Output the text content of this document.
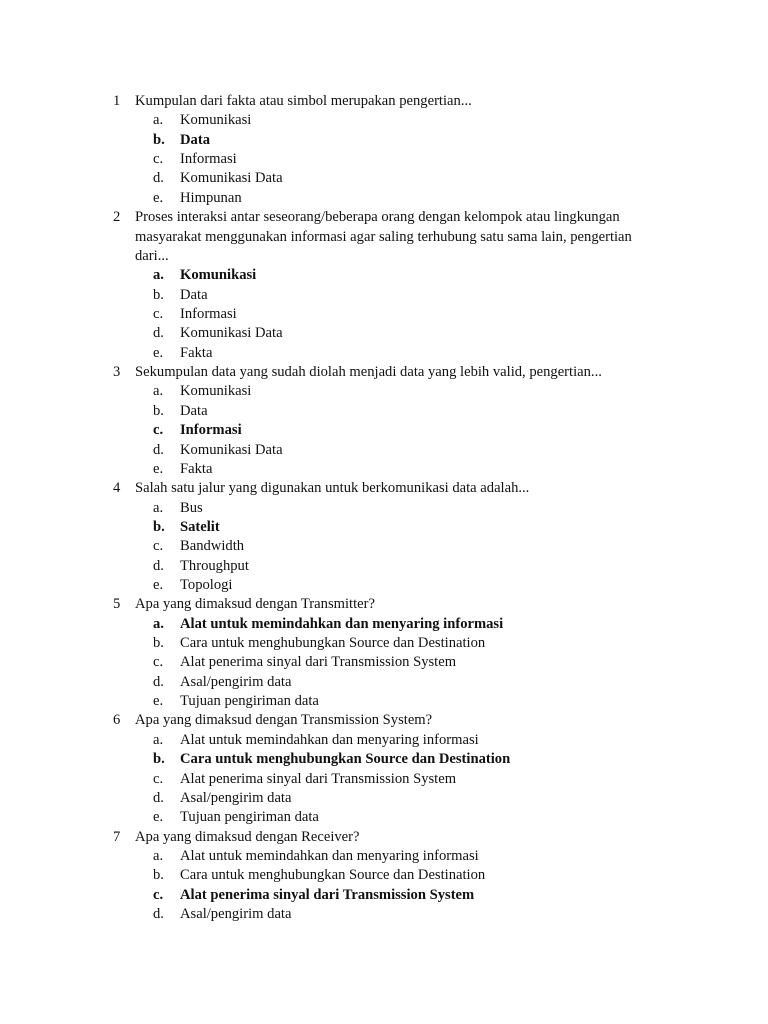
1	Kumpulan dari fakta atau simbol merupakan pengertian...
a.	Komunikasi
b.	Data
c.	Informasi
d.	Komunikasi Data
e.	Himpunan
2	Proses interaksi antar seseorang/beberapa orang dengan kelompok atau lingkungan masyarakat menggunakan informasi agar saling terhubung satu sama lain, pengertian dari...
a.	Komunikasi
b.	Data
c.	Informasi
d.	Komunikasi Data
e.	Fakta
3	Sekumpulan data yang sudah diolah menjadi data yang lebih valid, pengertian...
a.	Komunikasi
b.	Data
c.	Informasi
d.	Komunikasi Data
e.	Fakta
4	Salah satu jalur yang digunakan untuk berkomunikasi data adalah...
a.	Bus
b.	Satelit
c.	Bandwidth
d.	Throughput
e.	Topologi
5	Apa yang dimaksud dengan Transmitter?
a.	Alat untuk memindahkan dan menyaring informasi
b.	Cara untuk menghubungkan Source dan Destination
c.	Alat penerima sinyal dari Transmission System
d.	Asal/pengirim data
e.	Tujuan pengiriman data
6	Apa yang dimaksud dengan Transmission System?
a.	Alat untuk memindahkan dan menyaring informasi
b.	Cara untuk menghubungkan Source dan Destination
c.	Alat penerima sinyal dari Transmission System
d.	Asal/pengirim data
e.	Tujuan pengiriman data
7	Apa yang dimaksud dengan Receiver?
a.	Alat untuk memindahkan dan menyaring informasi
b.	Cara untuk menghubungkan Source dan Destination
c.	Alat penerima sinyal dari Transmission System
d.	Asal/pengirim data
